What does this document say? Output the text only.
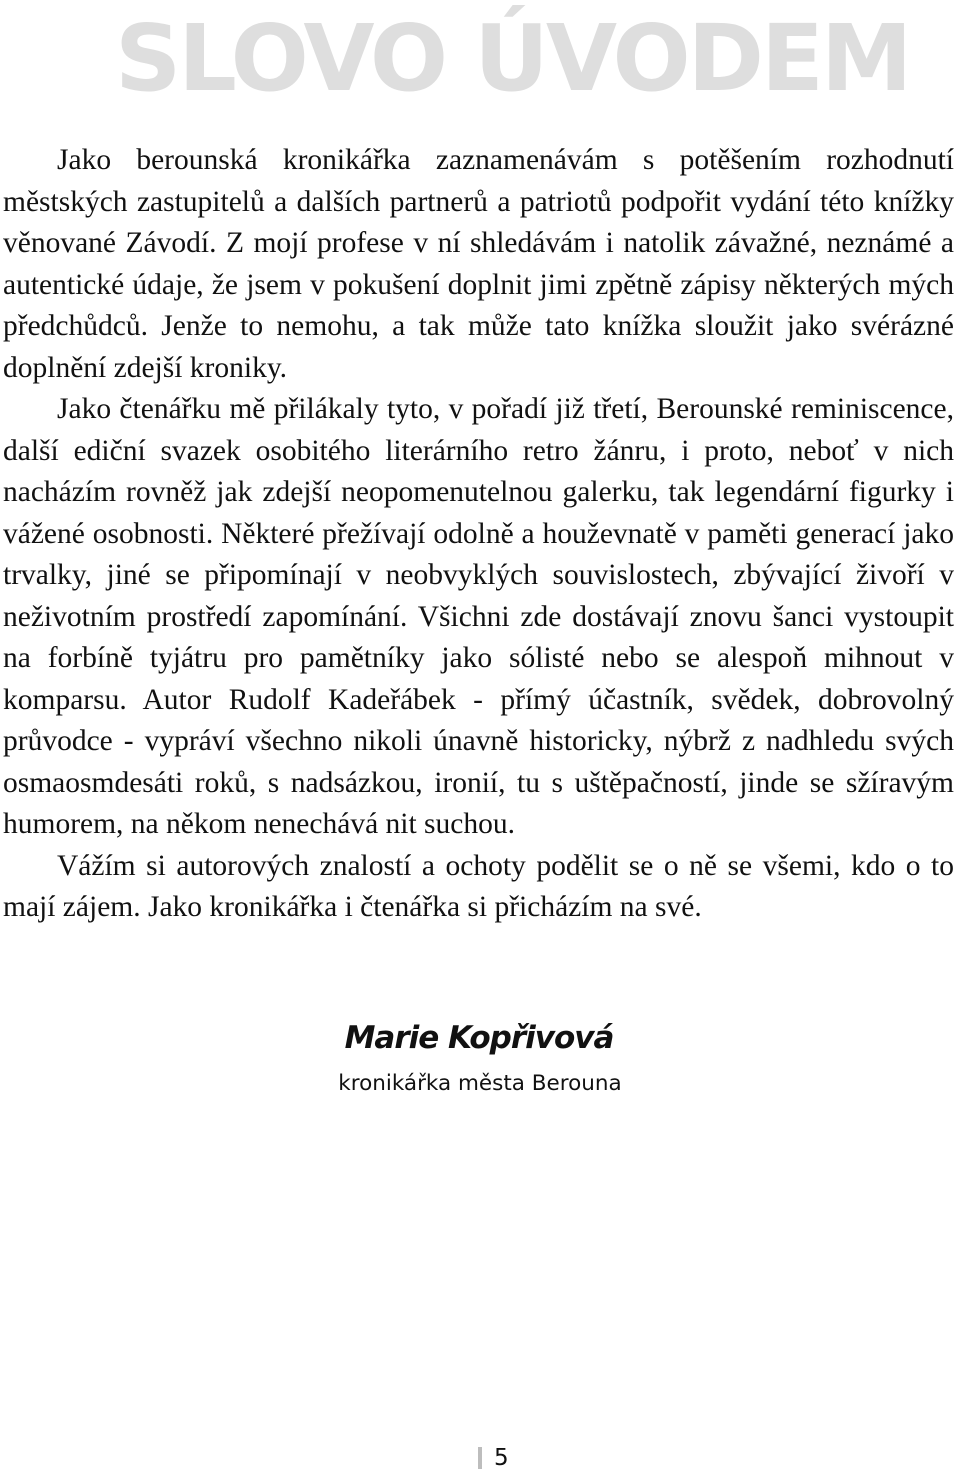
SLOVO ÚVODEM

Jako berounská kronikářka zaznamenávám s potěšením rozhodnutí městských zastupitelů a dalších partnerů a patriotů podpořit vydání této knížky věnované Závodí. Z mojí profese v ní shledávám i natolik závažné, neznámé a autentické údaje, že jsem v pokušení doplnit jimi zpětně zápisy některých mých předchůdců. Jenže to nemohu, a tak může tato knížka sloužit jako svérázné doplnění zdejší kroniky.

Jako čtenářku mě přilákaly tyto, v pořadí již třetí, Berounské reminiscence, další ediční svazek osobitého literárního retro žánru, i proto, neboť v nich nacházím rovněž jak zdejší neopomenutelnou galerku, tak legendární figurky i vážené osobnosti. Některé přežívají odolně a houževnatě v paměti generací jako trvalky, jiné se připomínají v neobvyklých souvislostech, zbývající živoří v neživotním prostředí zapomínání. Všichni zde dostávají znovu šanci vystoupit na forbíně tyjátru pro pamětníky jako sólisté nebo se alespoň mihnout v komparsu. Autor Rudolf Kadeřábek - přímý účastník, svědek, dobrovolný průvodce - vypráví všechno nikoli únavně historicky, nýbrž z nadhledu svých osmaosmdesáti roků, s nadsázkou, ironií, tu s uštěpačností, jinde se sžíravým humorem, na někom nenechává nit suchou.

Vážím si autorových znalostí a ochoty podělit se o ně se všemi, kdo o to mají zájem. Jako kronikářka i čtenářka si přicházím na své.

Marie Kopřivová
kronikářka města Berouna
5
